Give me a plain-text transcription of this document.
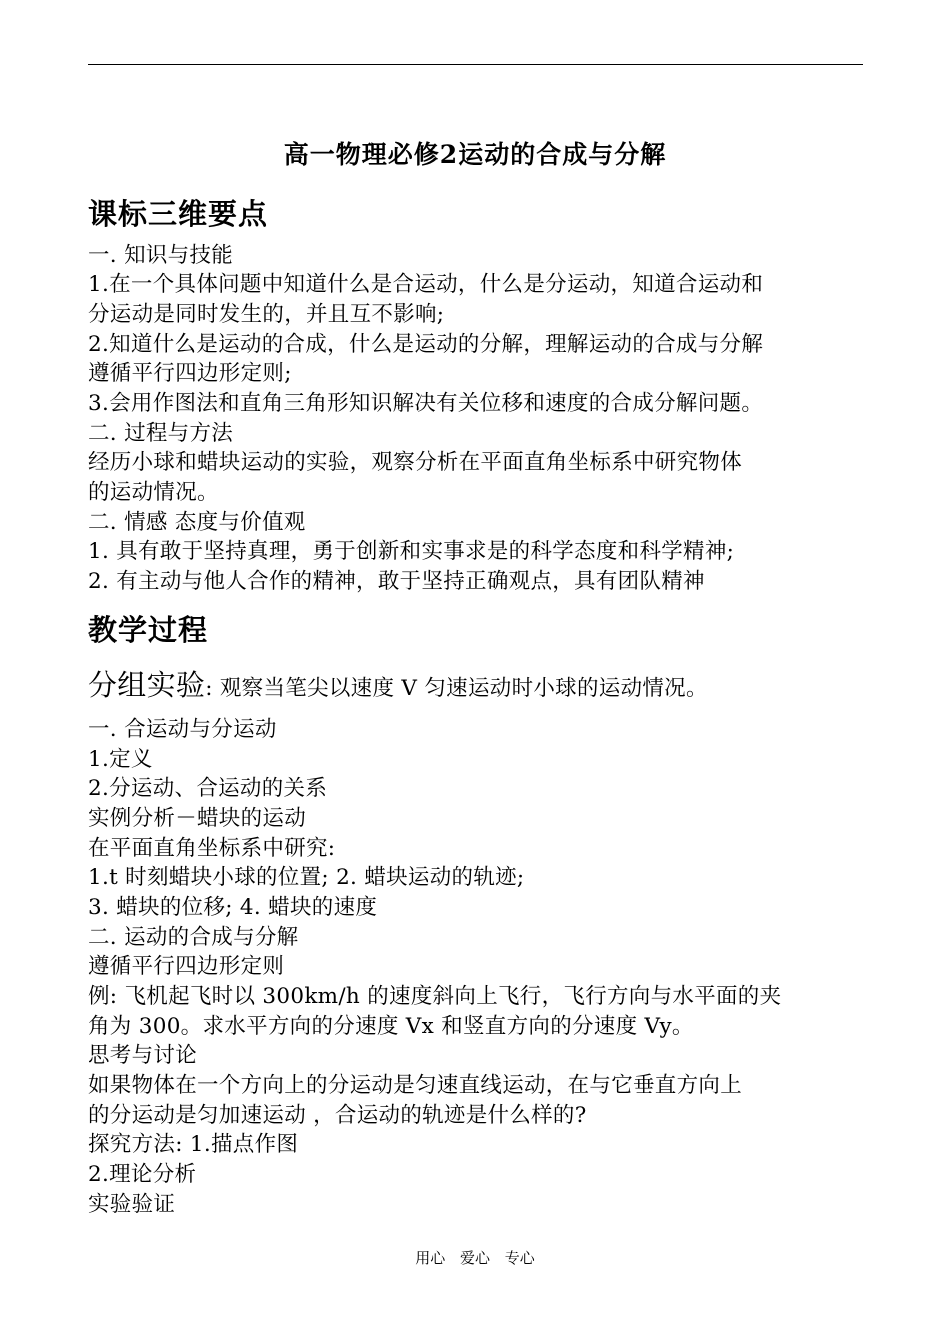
高一物理必修2运动的合成与分解
课标三维要点
一. 知识与技能
1.在一个具体问题中知道什么是合运动，什么是分运动，知道合运动和
分运动是同时发生的，并且互不影响;
2.知道什么是运动的合成，什么是运动的分解，理解运动的合成与分解
遵循平行四边形定则;
3.会用作图法和直角三角形知识解决有关位移和速度的合成分解问题。
二. 过程与方法
经历小球和蜡块运动的实验，观察分析在平面直角坐标系中研究物体
的运动情况。
二. 情感 态度与价值观
1. 具有敢于坚持真理，勇于创新和实事求是的科学态度和科学精神;
2. 有主动与他人合作的精神，敢于坚持正确观点，具有团队精神
教学过程
分组实验: 观察当笔尖以速度 V 匀速运动时小球的运动情况。
一. 合运动与分运动
1.定义
2.分运动、合运动的关系
实例分析－蜡块的运动
在平面直角坐标系中研究:
1.t 时刻蜡块小球的位置; 2. 蜡块运动的轨迹;
3. 蜡块的位移; 4. 蜡块的速度
二. 运动的合成与分解
遵循平行四边形定则
例: 飞机起飞时以 300km/h 的速度斜向上飞行，飞行方向与水平面的夹
角为 300。求水平方向的分速度 Vx 和竖直方向的分速度 Vy。
思考与讨论
如果物体在一个方向上的分运动是匀速直线运动，在与它垂直方向上
的分运动是匀加速运动 ，合运动的轨迹是什么样的?
探究方法: 1.描点作图
2.理论分析
实验验证
用心 爱心 专心
